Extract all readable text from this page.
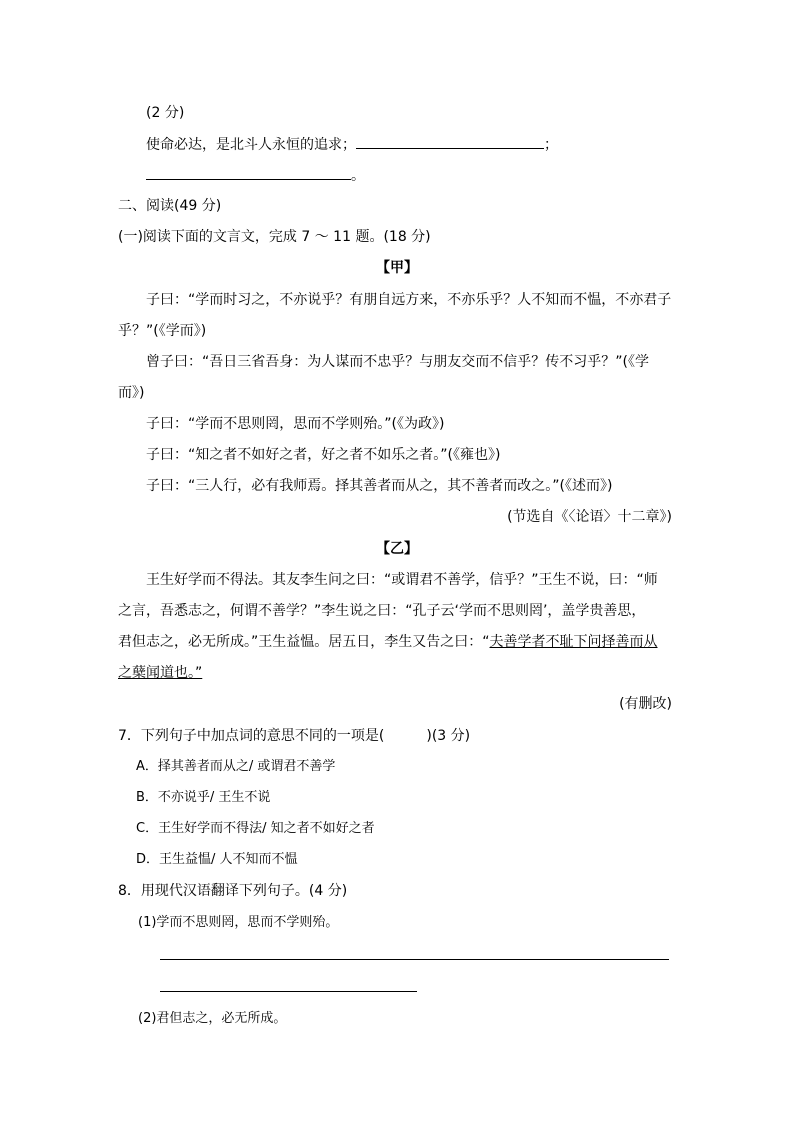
(2 分)
使命必达，是北斗人永恒的追求；	；
。
二、阅读(49 分)
(一)阅读下面的文言文，完成 7 ～ 11 题。(18 分)
【甲】
子曰：“学而时习之，不亦说乎？有朋自远方来，不亦乐乎？人不知而不愠，不亦君子
乎？”(《学而》)
曾子曰：“吾日三省吾身：为人谋而不忠乎？与朋友交而不信乎？传不习乎？”(《学
而》)
子曰：“学而不思则罔，思而不学则殆。”(《为政》)
子曰：“知之者不如好之者，好之者不如乐之者。”(《雍也》)
子曰：“三人行，必有我师焉。择其善者而从之，其不善者而改之。”(《述而》)
(节选自《〈论语〉十二章》)
【乙】
王生好学而不得法。其友李生问之曰：“或谓君不善学，信乎？”王生不说，曰：“师
之言，吾悉志之，何谓不善学？”李生说之曰：“孔子云‘学而不思则罔’，盖学贵善思，
君但志之，必无所成。”王生益愠。居五日，李生又告之曰：“夫善学者不耻下问择善而从
之蘖闻道也。”
(有删改)
7．下列句子中加点词的意思不同的一项是(　　　)(3 分)
A．择其善者而从之/ 或谓君不善学
B．不亦说乎/ 王生不说
C．王生好学而不得法/ 知之者不如好之者
D．王生益愠/ 人不知而不愠
8．用现代汉语翻译下列句子。(4 分)
(1)学而不思则罔，思而不学则殆。
(2)君但志之，必无所成。
